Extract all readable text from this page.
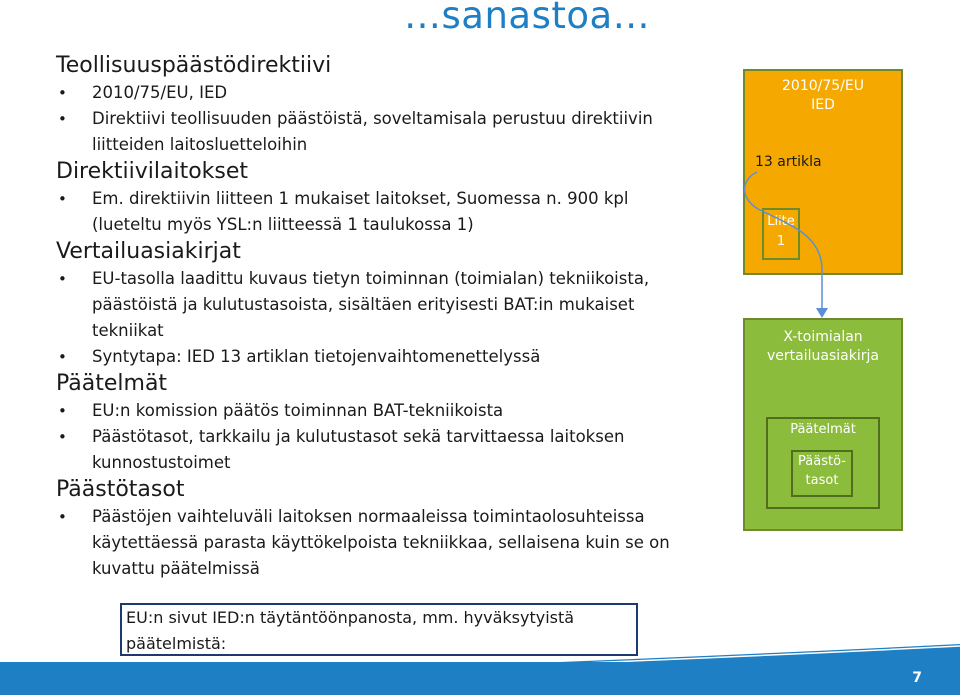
…sanastoa…
Teollisuuspäästödirektiivi
• 2010/75/EU, IED
• Direktiivi teollisuuden päästöistä, soveltamisala perustuu direktiivin liitteiden laitosluetteloihin
Direktiivilaitokset
• Em. direktiivin liitteen 1 mukaiset laitokset, Suomessa n. 900 kpl (lueteltu myös YSL:n liitteessä 1 taulukossa 1)
Vertailuasiakirjat
• EU-tasolla laadittu kuvaus tietyn toiminnan (toimialan) tekniikoista, päästöistä ja kulutustasoista, sisältäen erityisesti BAT:in mukaiset tekniikat
• Syntytapa: IED 13 artiklan tietojenvaihtomenettelyssä
Päätelmät
• EU:n komission päätös toiminnan BAT-tekniikoista
• Päästötasot, tarkkailu ja kulutustasot sekä tarvittaessa laitoksen kunnostustoimet
Päästötasot
• Päästöjen vaihteluväli laitoksen normaaleissa toimintaolosuhteissa käytettäessä parasta käyttökelpoista tekniikkaa, sellaisena kuin se on kuvattu päätelmissä
EU:n sivut IED:n täytäntöönpanosta, mm. hyväksytyistä päätelmistä:
2010/75/EU
IED
13 artikla
Liite
1
X-toimialan
vertailuasiakirja
Päätelmät
Päästö-
tasot
7
